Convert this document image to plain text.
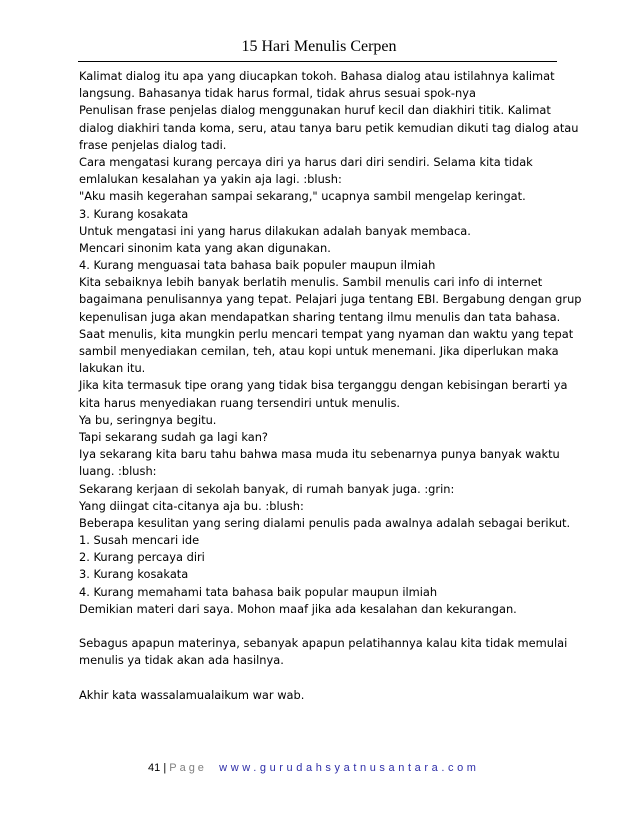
15 Hari Menulis Cerpen
Kalimat dialog itu apa yang diucapkan tokoh. Bahasa dialog atau istilahnya kalimat
langsung. Bahasanya tidak harus formal, tidak ahrus sesuai spok-nya
Penulisan frase penjelas dialog menggunakan huruf kecil dan diakhiri titik. Kalimat
dialog diakhiri tanda koma, seru, atau tanya baru petik kemudian dikuti tag dialog atau
frase penjelas dialog tadi.
Cara mengatasi kurang percaya diri ya harus dari diri sendiri. Selama kita tidak
emlalukan kesalahan ya yakin aja lagi. :blush:
"Aku masih kegerahan sampai sekarang," ucapnya sambil mengelap keringat.
3. Kurang kosakata
Untuk mengatasi ini yang harus dilakukan adalah banyak membaca.
Mencari sinonim kata yang akan digunakan.
4. Kurang menguasai tata bahasa baik populer maupun ilmiah
Kita sebaiknya lebih banyak berlatih menulis. Sambil menulis cari info di internet
bagaimana penulisannya yang tepat. Pelajari juga tentang EBI. Bergabung dengan grup
kepenulisan juga akan mendapatkan sharing tentang ilmu menulis dan tata bahasa.
Saat menulis, kita mungkin perlu mencari tempat yang nyaman dan waktu yang tepat
sambil menyediakan cemilan, teh, atau kopi untuk menemani. Jika diperlukan maka
lakukan itu.
Jika kita termasuk tipe orang yang tidak bisa terganggu dengan kebisingan berarti ya
kita harus menyediakan ruang tersendiri untuk menulis.
Ya bu, seringnya begitu.
Tapi sekarang sudah ga lagi kan?
Iya sekarang kita baru tahu bahwa masa muda itu sebenarnya punya banyak waktu
luang. :blush:
Sekarang kerjaan di sekolah banyak, di rumah banyak juga. :grin:
Yang diingat cita-citanya aja bu. :blush:
Beberapa kesulitan yang sering dialami penulis pada awalnya adalah sebagai berikut.
1. Susah mencari ide
2. Kurang percaya diri
3. Kurang kosakata
4. Kurang memahami tata bahasa baik popular maupun ilmiah
Demikian materi dari saya. Mohon maaf jika ada kesalahan dan kekurangan.
Sebagus apapun materinya, sebanyak apapun pelatihannya kalau kita tidak memulai
menulis ya tidak akan ada hasilnya.
Akhir kata wassalamualaikum war wab.
41 | Page www.gurudahsyatnusantara.com
